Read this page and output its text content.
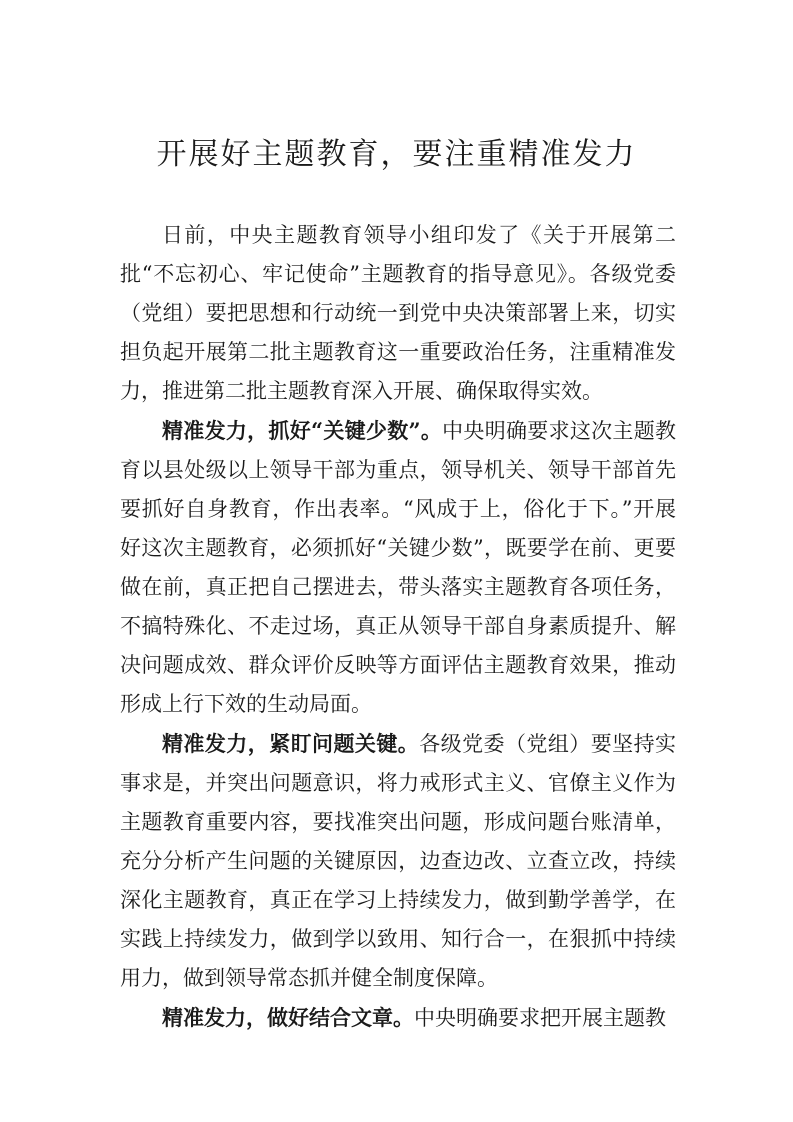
开展好主题教育，要注重精准发力

日前，中央主题教育领导小组印发了《关于开展第二批“不忘初心、牢记使命”主题教育的指导意见》。各级党委（党组）要把思想和行动统一到党中央决策部署上来，切实担负起开展第二批主题教育这一重要政治任务，注重精准发力，推进第二批主题教育深入开展、确保取得实效。

精准发力，抓好“关键少数”。中央明确要求这次主题教育以县处级以上领导干部为重点，领导机关、领导干部首先要抓好自身教育，作出表率。“风成于上，俗化于下。”开展好这次主题教育，必须抓好“关键少数”，既要学在前、更要做在前，真正把自己摆进去，带头落实主题教育各项任务，不搞特殊化、不走过场，真正从领导干部自身素质提升、解决问题成效、群众评价反映等方面评估主题教育效果，推动形成上行下效的生动局面。

精准发力，紧盯问题关键。各级党委（党组）要坚持实事求是，并突出问题意识，将力戒形式主义、官僚主义作为主题教育重要内容，要找准突出问题，形成问题台账清单，充分分析产生问题的关键原因，边查边改、立查立改，持续深化主题教育，真正在学习上持续发力，做到勤学善学，在实践上持续发力，做到学以致用、知行合一，在狠抓中持续用力，做到领导常态抓并健全制度保障。

精准发力，做好结合文章。中央明确要求把开展主题教
